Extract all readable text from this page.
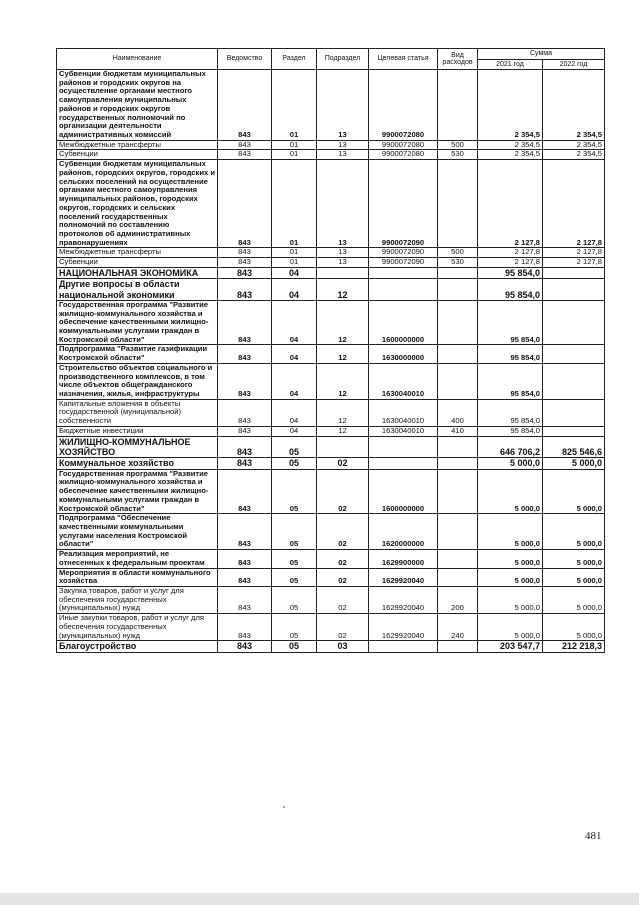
Наименование	Ведомство	Раздел	Подраздел	Целевая статья	Вид расходов	Сумма	
						2021 год	2022 год
Субвенции бюджетам муниципальных районов и городских округов на осуществление органами местного самоуправления муниципальных районов и городских округов государственных полномочий по организации деятельности административных комиссий	843	01	13	9900072080		2 354,5	2 354,5
Межбюджетные трансферты	843	01	13	9900072080	500	2 354,5	2 354,5
Субвенции	843	01	13	9900072080	530	2 354,5	2 354,5
Субвенции бюджетам муниципальных районов, городских округов, городских и сельских поселений на осуществление органами местного самоуправления муниципальных районов, городских округов, городских и сельских поселений государственных полномочий по составлению протоколов об административных правонарушениях	843	01	13	9900072090		2 127,8	2 127,8
Межбюджетные трансферты	843	01	13	9900072090	500	2 127,8	2 127,8
Субвенции	843	01	13	9900072090	530	2 127,8	2 127,8
НАЦИОНАЛЬНАЯ ЭКОНОМИКА	843	04				95 854,0	
Другие вопросы в области национальной экономики	843	04	12			95 854,0	
Государственная программа "Развитие жилищно-коммунального хозяйства и обеспечение качественными жилищно-коммунальными услугами граждан в Костромской области"	843	04	12	1600000000		95 854,0	
Подпрограмма "Развитие газификации Костромской области"	843	04	12	1630000000		95 854,0	
Строительство объектов социального и производственного комплексов, в том числе объектов общегражданского назначения, жилья, инфраструктуры	843	04	12	1630040010		95 854,0	
Капитальные вложения в объекты государственной (муниципальной) собственности	843	04	12	1630040010	400	95 854,0	
Бюджетные инвестиции	843	04	12	1630040010	410	95 854,0	
ЖИЛИЩНО-КОММУНАЛЬНОЕ ХОЗЯЙСТВО	843	05				646 706,2	825 546,6
Коммунальное хозяйство	843	05	02			5 000,0	5 000,0
Государственная программа "Развитие жилищно-коммунального хозяйства и обеспечение качественными жилищно-коммунальными услугами граждан в Костромской области"	843	05	02	1600000000		5 000,0	5 000,0
Подпрограмма "Обеспечение качественными коммунальными услугами населения Костромской области"	843	05	02	1620000000		5 000,0	5 000,0
Реализация мероприятий, не отнесенных к федеральным проектам	843	05	02	1629900000		5 000,0	5 000,0
Мероприятия в области коммунального хозяйства	843	05	02	1629920040		5 000,0	5 000,0
Закупка товаров, работ и услуг для обеспечения государственных (муниципальных) нужд	843	05	02	1629920040	200	5 000,0	5 000,0
Иные закупки товаров, работ и услуг для обеспечения государственных (муниципальных) нужд	843	05	02	1629920040	240	5 000,0	5 000,0
Благоустройство	843	05	03			203 547,7	212 218,3
481
